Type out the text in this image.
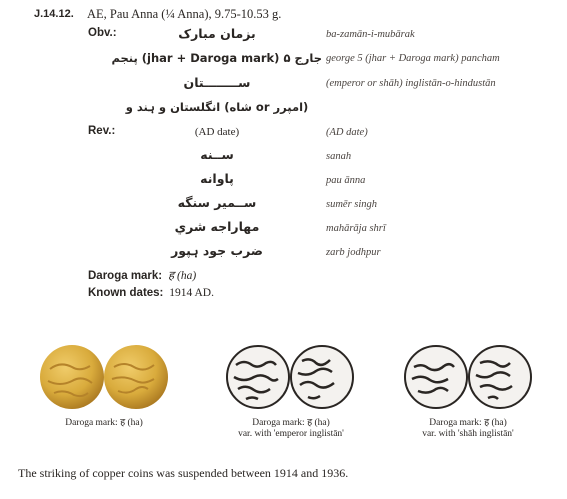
J.14.12. AE, Pau Anna (¼ Anna), 9.75-10.53 g.
Obv.:	بزمان مبارک	ba-zamān-i-mubārak
جارج ۵ (jhar + Daroga mark) پنجم george 5 (jhar + Daroga mark) pancham
ســــــــتان	(emperor or shāh) inglistān-o-hindustān
(امپرر or شاه) انگلستان و ہند و
Rev.:	(AD date)	(AD date)
ســنه	sanah
پاوانه	pau ānna
ســمير سنگه	sumēr singh
مهاراجه شري	mahārāja shrī
ضرب جود ہپور	zarb jodhpur
Daroga mark: ह (ha)
Known dates: 1914 AD.
Daroga mark: ह (ha)	Daroga mark: ह (ha)
var. with 'emperor inglistān'
Daroga mark: ह (ha)
var. with 'shāh inglistān'
The striking of copper coins was suspended between 1914 and 1936.
